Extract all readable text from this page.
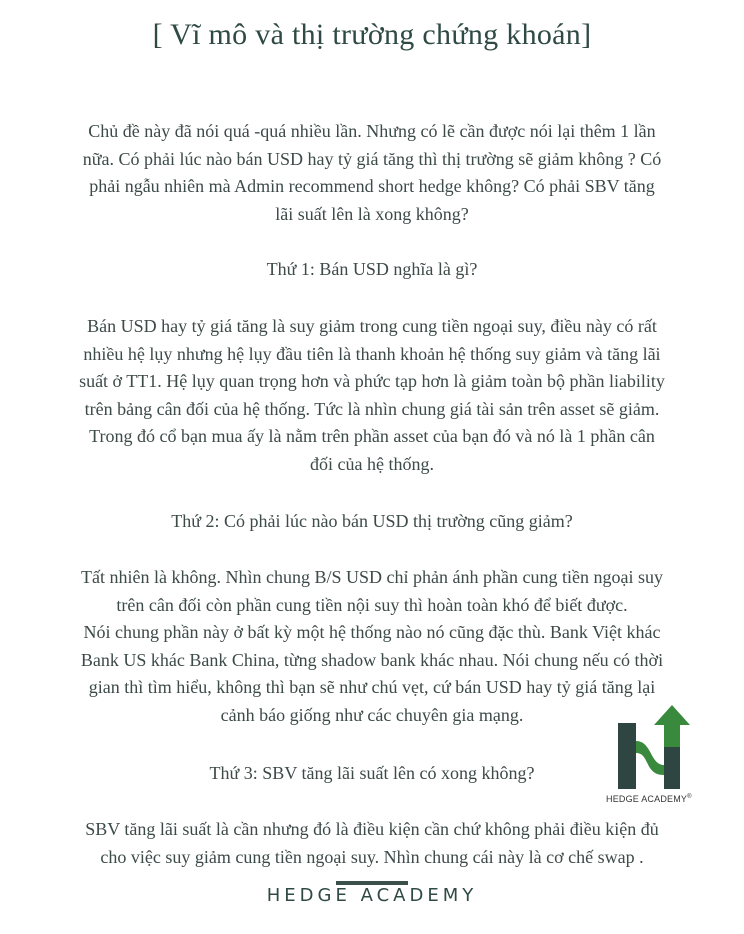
[ Vĩ mô và thị trường chứng khoán]
Chủ đề này đã nói quá -quá nhiều lần. Nhưng có lẽ cần được nói lại thêm 1 lần
nữa. Có phải lúc nào bán USD hay tỷ giá tăng thì thị trường sẽ giảm không ? Có
phải ngẫu nhiên mà Admin recommend short hedge không? Có phải SBV tăng
lãi suất lên là xong không?
Thứ 1: Bán USD nghĩa là gì?
Bán USD hay tỷ giá tăng là suy giảm trong cung tiền ngoại suy, điều này có rất
nhiều hệ lụy nhưng hệ lụy đầu tiên là thanh khoản hệ thống suy giảm và tăng lãi
suất ở TT1. Hệ lụy quan trọng hơn và phức tạp hơn là giảm toàn bộ phần liability
trên bảng cân đối của hệ thống. Tức là nhìn chung giá tài sản trên asset sẽ giảm.
Trong đó cổ bạn mua ấy là nằm trên phần asset của bạn đó và nó là 1 phần cân
đối của hệ thống.
Thứ 2: Có phải lúc nào bán USD thị trường cũng giảm?
Tất nhiên là không. Nhìn chung B/S USD chỉ phản ánh phần cung tiền ngoại suy
trên cân đối còn phần cung tiền nội suy thì hoàn toàn khó để biết được.
Nói chung phần này ở bất kỳ một hệ thống nào nó cũng đặc thù. Bank Việt khác
Bank US khác Bank China, từng shadow bank khác nhau. Nói chung nếu có thời
gian thì tìm hiểu, không thì bạn sẽ như chú vẹt, cứ bán USD hay tỷ giá tăng lại
cảnh báo giống như các chuyên gia mạng.
Thứ 3: SBV tăng lãi suất lên có xong không?
SBV tăng lãi suất là cần nhưng đó là điều kiện cần chứ không phải điều kiện đủ
cho việc suy giảm cung tiền ngoại suy. Nhìn chung cái này là cơ chế swap .
HEDGE ACADEMY®
HEDGE ACADEMY
